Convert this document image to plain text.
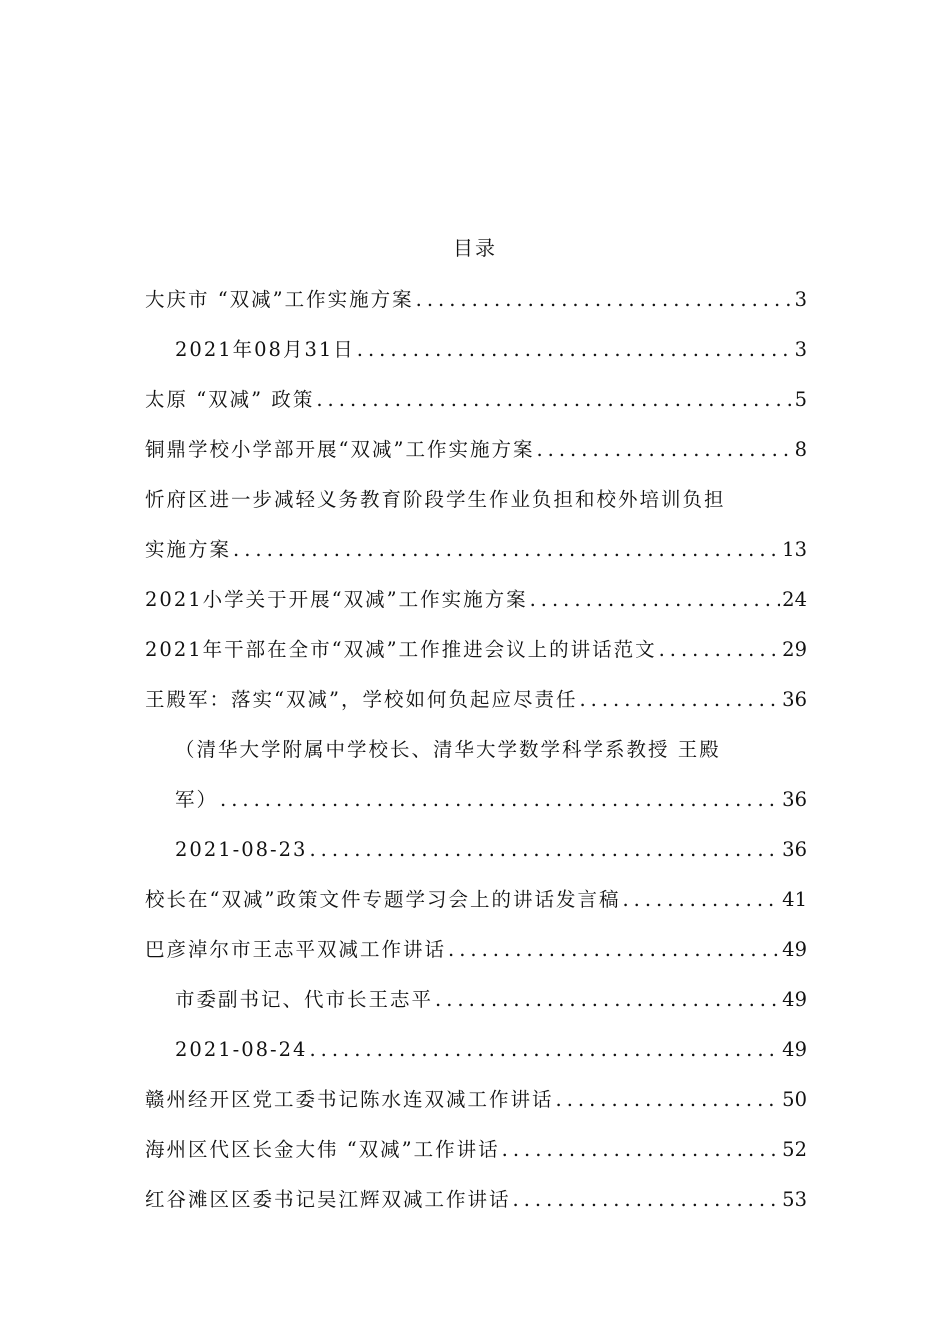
目录
大庆市 “双减”工作实施方案 .....	3
2021年08月31日 .....	3
太原 “双减” 政策 .....	5
铜鼎学校小学部开展“双减”工作实施方案 .....	8
忻府区进一步减轻义务教育阶段学生作业负担和校外培训负担
实施方案 .....	13
2021小学关于开展“双减”工作实施方案 .....	24
2021年干部在全市“双减”工作推进会议上的讲话范文 .....	29
王殿军：落实“双减”，学校如何负起应尽责任 .....	36
（清华大学附属中学校长、清华大学数学科学系教授 王殿
军） .....	36
2021-08-23 .....	36
校长在“双减”政策文件专题学习会上的讲话发言稿 .....	41
巴彦淖尔市王志平双减工作讲话 .....	49
市委副书记、代市长王志平 .....	49
2021-08-24 .....	49
赣州经开区党工委书记陈水连双减工作讲话 .....	50
海州区代区长金大伟 “双减”工作讲话 .....	52
红谷滩区区委书记吴江辉双减工作讲话 .....	53
